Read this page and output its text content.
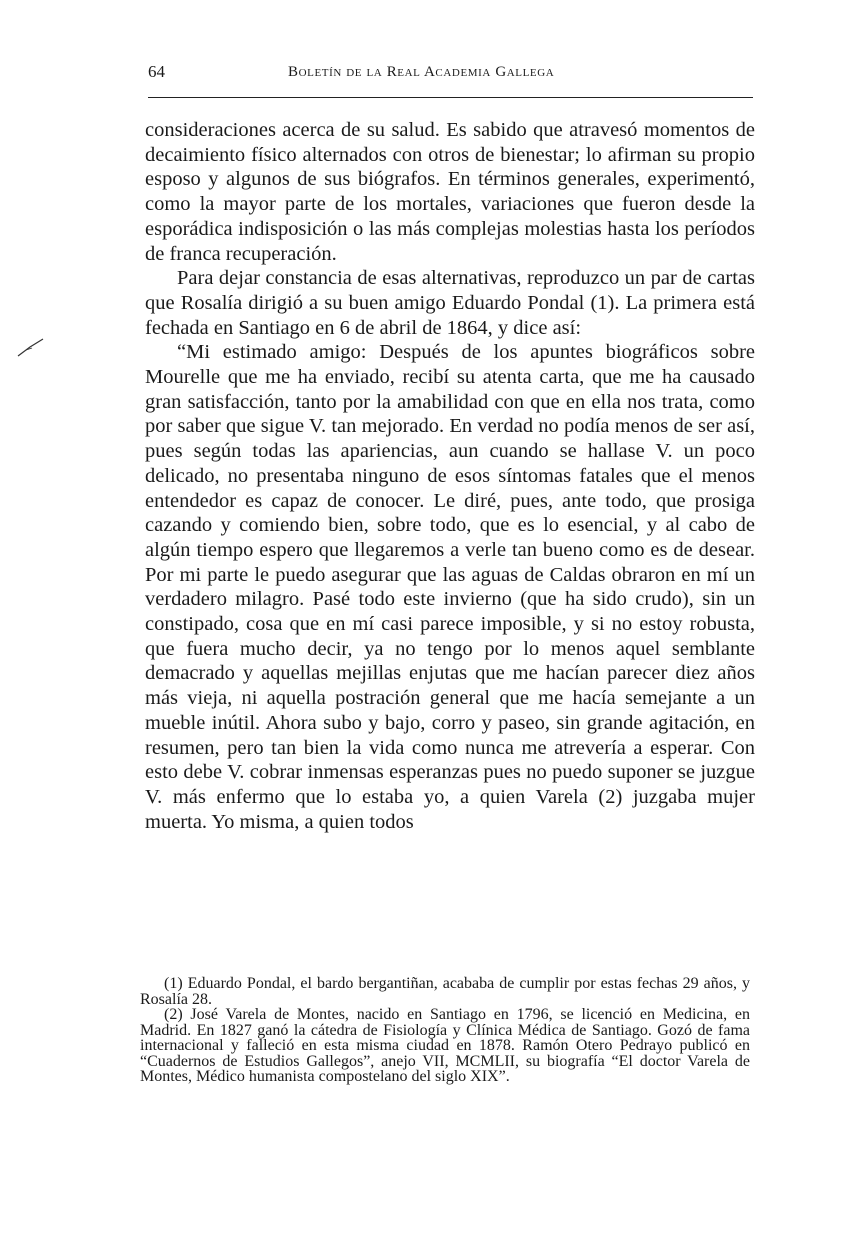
64	Boletín de la Real Academia Gallega

consideraciones acerca de su salud. Es sabido que atravesó momentos de decaimiento físico alternados con otros de bienestar; lo afirman su propio esposo y algunos de sus biógrafos. En términos generales, experimentó, como la mayor parte de los mortales, variaciones que fueron desde la esporádica indisposición o las más complejas molestias hasta los períodos de franca recuperación.

Para dejar constancia de esas alternativas, reproduzco un par de cartas que Rosalía dirigió a su buen amigo Eduardo Pondal (1). La primera está fechada en Santiago en 6 de abril de 1864, y dice así:

“Mi estimado amigo: Después de los apuntes biográficos sobre Mourelle que me ha enviado, recibí su atenta carta, que me ha causado gran satisfacción, tanto por la amabilidad con que en ella nos trata, como por saber que sigue V. tan mejorado. En verdad no podía menos de ser así, pues según todas las apariencias, aun cuando se hallase V. un poco delicado, no presentaba ninguno de esos síntomas fatales que el menos entendedor es capaz de conocer. Le diré, pues, ante todo, que prosiga cazando y comiendo bien, sobre todo, que es lo esencial, y al cabo de algún tiempo espero que llegaremos a verle tan bueno como es de desear. Por mi parte le puedo asegurar que las aguas de Caldas obraron en mí un verdadero milagro. Pasé todo este invierno (que ha sido crudo), sin un constipado, cosa que en mí casi parece imposible, y si no estoy robusta, que fuera mucho decir, ya no tengo por lo menos aquel semblante demacrado y aquellas mejillas enjutas que me hacían parecer diez años más vieja, ni aquella postración general que me hacía semejante a un mueble inútil. Ahora subo y bajo, corro y paseo, sin grande agitación, en resumen, pero tan bien la vida como nunca me atrevería a esperar. Con esto debe V. cobrar inmensas esperanzas pues no puedo suponer se juzgue V. más enfermo que lo estaba yo, a quien Varela (2) juzgaba mujer muerta. Yo misma, a quien todos

(1) Eduardo Pondal, el bardo bergantiñan, acababa de cumplir por estas fechas 29 años, y Rosalía 28.

(2) José Varela de Montes, nacido en Santiago en 1796, se licenció en Medicina, en Madrid. En 1827 ganó la cátedra de Fisiología y Clínica Médica de Santiago. Gozó de fama internacional y falleció en esta misma ciudad en 1878. Ramón Otero Pedrayo publicó en “Cuadernos de Estudios Gallegos”, anejo VII, MCMLII, su biografía “El doctor Varela de Montes, Médico humanista compostelano del siglo XIX”.
